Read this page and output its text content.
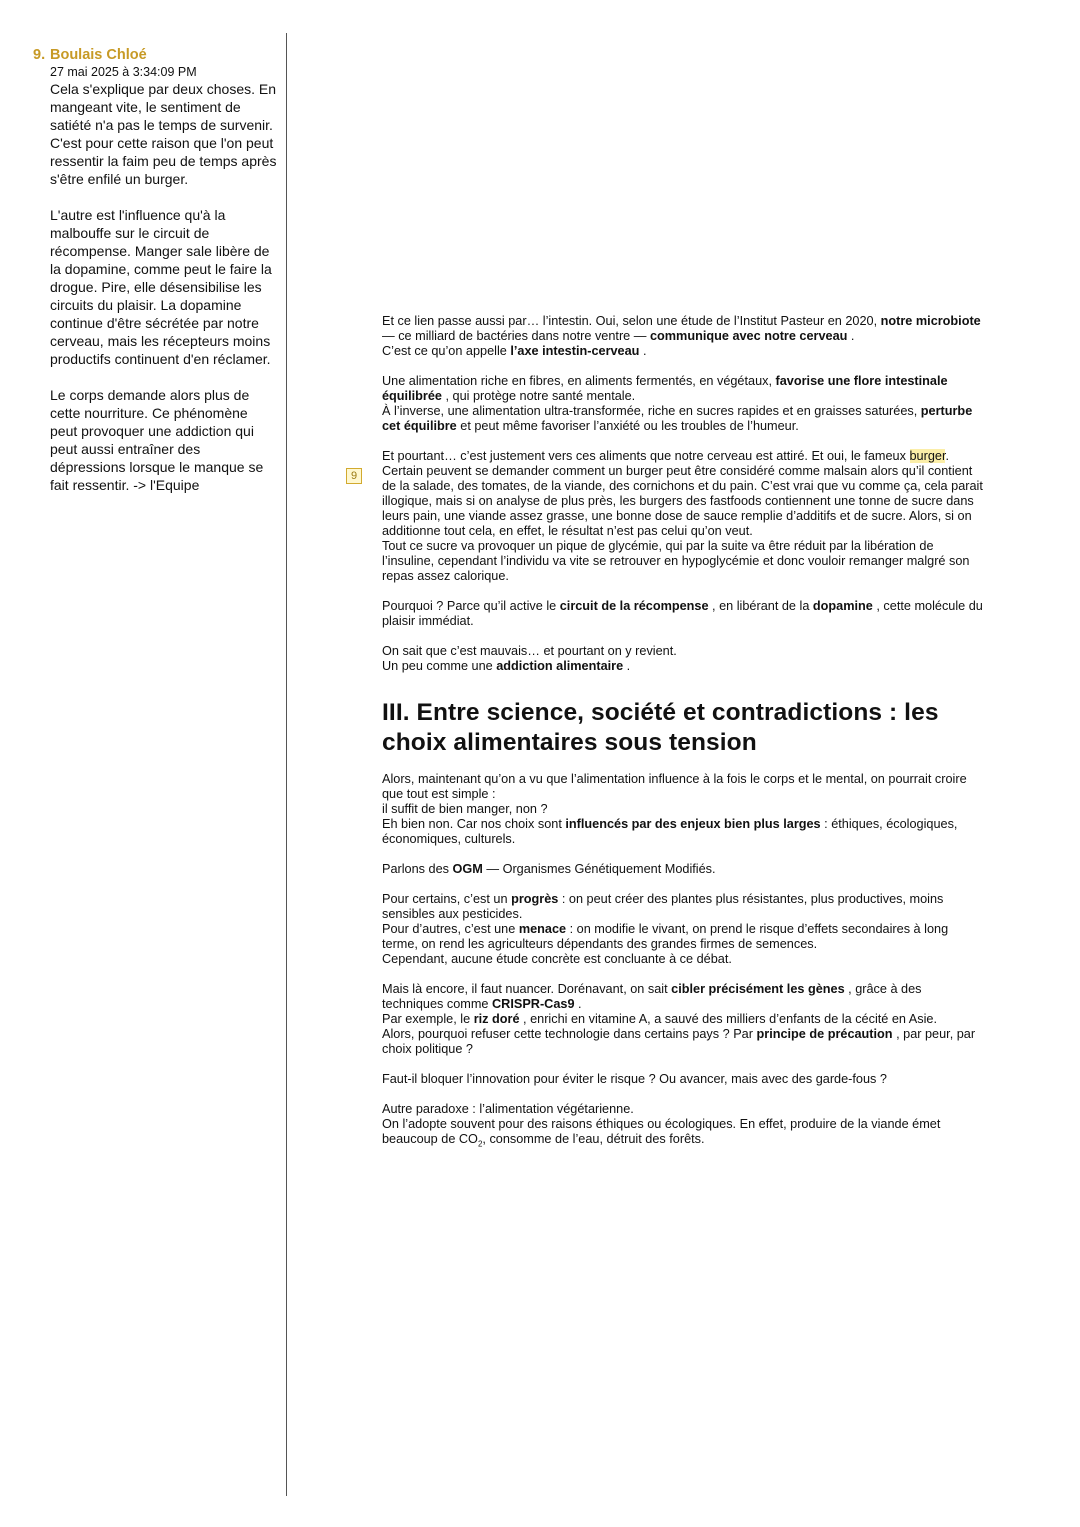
9. Boulais Chloé
27 mai 2025 à 3:34:09 PM

Cela s'explique par deux choses. En mangeant vite, le sentiment de satiété n'a pas le temps de survenir. C'est pour cette raison que l'on peut ressentir la faim peu de temps après s'être enfilé un burger.

L'autre est l'influence qu'à la malbouffe sur le circuit de récompense. Manger sale libère de la dopamine, comme peut le faire la drogue. Pire, elle désensibilise les circuits du plaisir. La dopamine continue d'être sécrétée par notre cerveau, mais les récepteurs moins productifs continuent d'en réclamer.

Le corps demande alors plus de cette nourriture. Ce phénomène peut provoquer une addiction qui peut aussi entraîner des dépressions lorsque le manque se fait ressentir. -> l'Equipe

9

Et ce lien passe aussi par… l’intestin. Oui, selon une étude de l’Institut Pasteur en 2020, notre microbiote — ce milliard de bactéries dans notre ventre — communique avec notre cerveau .
C’est ce qu’on appelle l’axe intestin-cerveau .

Une alimentation riche en fibres, en aliments fermentés, en végétaux, favorise une flore intestinale équilibrée , qui protège notre santé mentale.
À l’inverse, une alimentation ultra-transformée, riche en sucres rapides et en graisses saturées, perturbe cet équilibre et peut même favoriser l’anxiété ou les troubles de l’humeur.

Et pourtant… c’est justement vers ces aliments que notre cerveau est attiré. Et oui, le fameux burger.
Certain peuvent se demander comment un burger peut être considéré comme malsain alors qu’il contient de la salade, des tomates, de la viande, des cornichons et du pain. C’est vrai que vu comme ça, cela parait illogique, mais si on analyse de plus près, les burgers des fastfoods contiennent une tonne de sucre dans leurs pain, une viande assez grasse, une bonne dose de sauce remplie d’additifs et de sucre. Alors, si on additionne tout cela, en effet, le résultat n’est pas celui qu’on veut.
Tout ce sucre va provoquer un pique de glycémie, qui par la suite va être réduit par la libération de l’insuline, cependant l’individu va vite se retrouver en hypoglycémie et donc vouloir remanger malgré son repas assez calorique.

Pourquoi ? Parce qu’il active le circuit de la récompense , en libérant de la dopamine , cette molécule du plaisir immédiat.

On sait que c’est mauvais… et pourtant on y revient.
Un peu comme une addiction alimentaire .

III. Entre science, société et contradictions : les choix alimentaires sous tension

Alors, maintenant qu’on a vu que l’alimentation influence à la fois le corps et le mental, on pourrait croire que tout est simple :
il suffit de bien manger, non ?
Eh bien non. Car nos choix sont influencés par des enjeux bien plus larges : éthiques, écologiques, économiques, culturels.

Parlons des OGM — Organismes Génétiquement Modifiés.

Pour certains, c’est un progrès : on peut créer des plantes plus résistantes, plus productives, moins sensibles aux pesticides.
Pour d’autres, c’est une menace : on modifie le vivant, on prend le risque d’effets secondaires à long terme, on rend les agriculteurs dépendants des grandes firmes de semences.
Cependant, aucune étude concrète est concluante à ce débat.

Mais là encore, il faut nuancer. Dorénavant, on sait cibler précisément les gènes , grâce à des techniques comme CRISPR-Cas9 .
Par exemple, le riz doré , enrichi en vitamine A, a sauvé des milliers d’enfants de la cécité en Asie.
Alors, pourquoi refuser cette technologie dans certains pays ? Par principe de précaution , par peur, par choix politique ?

Faut-il bloquer l’innovation pour éviter le risque ? Ou avancer, mais avec des garde-fous ?

Autre paradoxe : l’alimentation végétarienne.
On l’adopte souvent pour des raisons éthiques ou écologiques. En effet, produire de la viande émet beaucoup de $CO_2$, consomme de l’eau, détruit des forêts.
